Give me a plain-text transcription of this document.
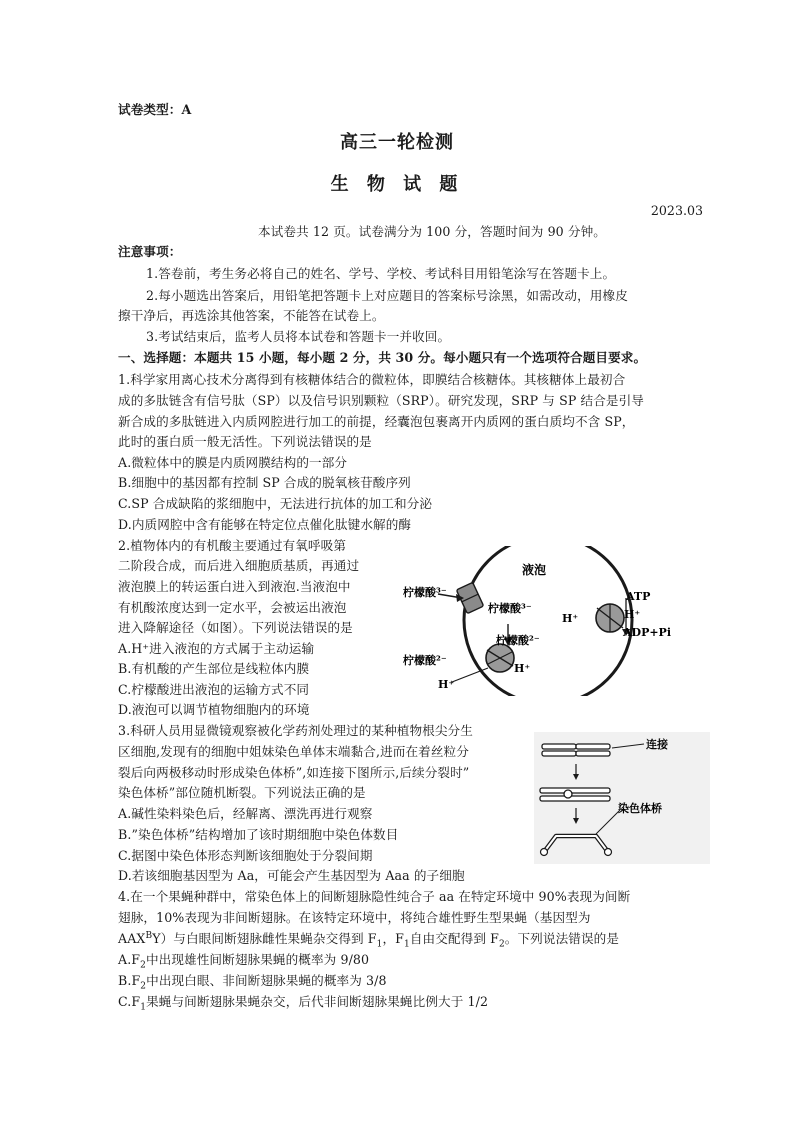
试卷类型：A
高三一轮检测
生 物 试 题
2023.03
本试卷共 12 页。试卷满分为 100 分，答题时间为 90 分钟。
注意事项：
1.答卷前，考生务必将自己的姓名、学号、学校、考试科目用铅笔涂写在答题卡上。
2.每小题选出答案后，用铅笔把答题卡上对应题目的答案标号涂黑，如需改动，用橡皮
擦干净后，再选涂其他答案，不能答在试卷上。
3.考试结束后，监考人员将本试卷和答题卡一并收回。
一、选择题：本题共 15 小题，每小题 2 分，共 30 分。每小题只有一个选项符合题目要求。
1.科学家用离心技术分离得到有核糖体结合的微粒体，即膜结合核糖体。其核糖体上最初合
成的多肽链含有信号肽（SP）以及信号识别颗粒（SRP）。研究发现，SRP 与 SP 结合是引导
新合成的多肽链进入内质网腔进行加工的前提，经囊泡包裹离开内质网的蛋白质均不含 SP，
此时的蛋白质一般无活性。下列说法错误的是
A.微粒体中的膜是内质网膜结构的一部分
B.细胞中的基因都有控制 SP 合成的脱氧核苷酸序列
C.SP 合成缺陷的浆细胞中，无法进行抗体的加工和分泌
D.内质网腔中含有能够在特定位点催化肽键水解的酶
2.植物体内的有机酸主要通过有氧呼吸第
二阶段合成，而后进入细胞质基质，再通过
液泡膜上的转运蛋白进入到液泡.当液泡中
有机酸浓度达到一定水平，会被运出液泡
进入降解途径（如图）。下列说法错误的是
A.H⁺进入液泡的方式属于主动运输
B.有机酸的产生部位是线粒体内膜
C.柠檬酸进出液泡的运输方式不同
D.液泡可以调节植物细胞内的环境
液泡
柠檬酸³⁻
柠檬酸³⁻
柠檬酸²⁻
柠檬酸²⁻
H⁺	H⁺
H⁺
H⁺
ATP
ADP+Pi
3.科研人员用显微镜观察被化学药剂处理过的某种植物根尖分生
区细胞,发现有的细胞中姐妹染色单体末端黏合,进而在着丝粒分
裂后向两极移动时形成染色体桥”,如连接下图所示,后续分裂时”
染色体桥”部位随机断裂。下列说法正确的是
A.碱性染料染色后，经解离、漂洗再进行观察
B.”染色体桥”结构增加了该时期细胞中染色体数目
C.据图中染色体形态判断该细胞处于分裂间期
D.若该细胞基因型为 Aa，可能会产生基因型为 Aaa 的子细胞
连接
染色体桥
4.在一个果蝇种群中，常染色体上的间断翅脉隐性纯合子 aa 在特定环境中 90%表现为间断
翅脉，10%表现为非间断翅脉。在该特定环境中，将纯合雄性野生型果蝇（基因型为
$AAX^BY$）与白眼间断翅脉雌性果蝇杂交得到 $F_1$，$F_1$自由交配得到 $F_2$。下列说法错误的是
$A.F_2$中出现雄性间断翅脉果蝇的概率为 9/80
$B.F_2$中出现白眼、非间断翅脉果蝇的概率为 3/8
$C.F_1$果蝇与间断翅脉果蝇杂交，后代非间断翅脉果蝇比例大于 1/2
